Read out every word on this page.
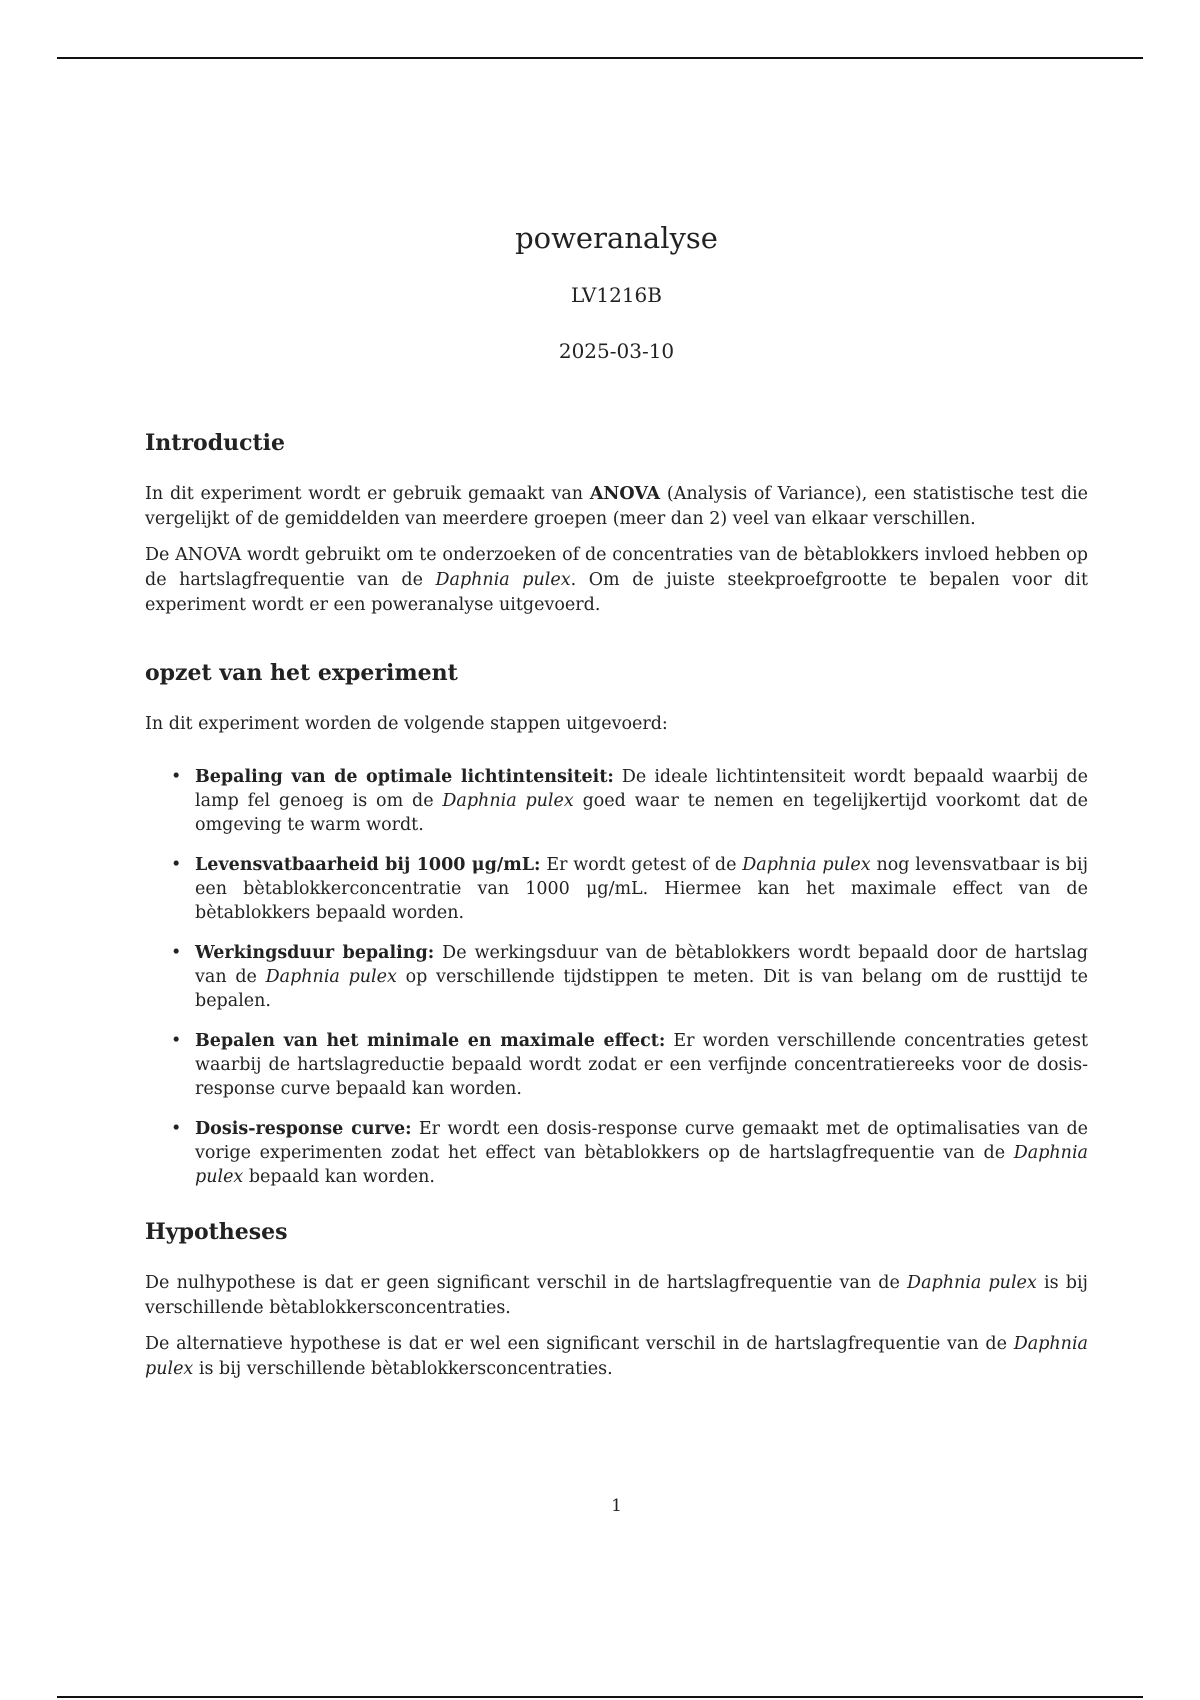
poweranalyse
LV1216B
2025-03-10
Introductie

In dit experiment wordt er gebruik gemaakt van ANOVA (Analysis of Variance), een statistische test die vergelijkt of de gemiddelden van meerdere groepen (meer dan 2) veel van elkaar verschillen.

De ANOVA wordt gebruikt om te onderzoeken of de concentraties van de bètablokkers invloed hebben op de hartslagfrequentie van de Daphnia pulex. Om de juiste steekproefgrootte te bepalen voor dit experiment wordt er een poweranalyse uitgevoerd.

opzet van het experiment

In dit experiment worden de volgende stappen uitgevoerd:

• Bepaling van de optimale lichtintensiteit: De ideale lichtintensiteit wordt bepaald waarbij de lamp fel genoeg is om de Daphnia pulex goed waar te nemen en tegelijkertijd voorkomt dat de omgeving te warm wordt.
• Levensvatbaarheid bij 1000 μg/mL: Er wordt getest of de Daphnia pulex nog levensvatbaar is bij een bètablokkerconcentratie van 1000 μg/mL. Hiermee kan het maximale effect van de bètablokkers bepaald worden.
• Werkingsduur bepaling: De werkingsduur van de bètablokkers wordt bepaald door de hartslag van de Daphnia pulex op verschillende tijdstippen te meten. Dit is van belang om de rusttijd te bepalen.
• Bepalen van het minimale en maximale effect: Er worden verschillende concentraties getest waarbij de hartslagreductie bepaald wordt zodat er een verfijnde concentratiereeks voor de dosis-response curve bepaald kan worden.
• Dosis-response curve: Er wordt een dosis-response curve gemaakt met de optimalisaties van de vorige experimenten zodat het effect van bètablokkers op de hartslagfrequentie van de Daphnia pulex bepaald kan worden.
Hypotheses

De nulhypothese is dat er geen significant verschil in de hartslagfrequentie van de Daphnia pulex is bij verschillende bètablokkersconcentraties.

De alternatieve hypothese is dat er wel een significant verschil in de hartslagfrequentie van de Daphnia pulex is bij verschillende bètablokkersconcentraties.

1
